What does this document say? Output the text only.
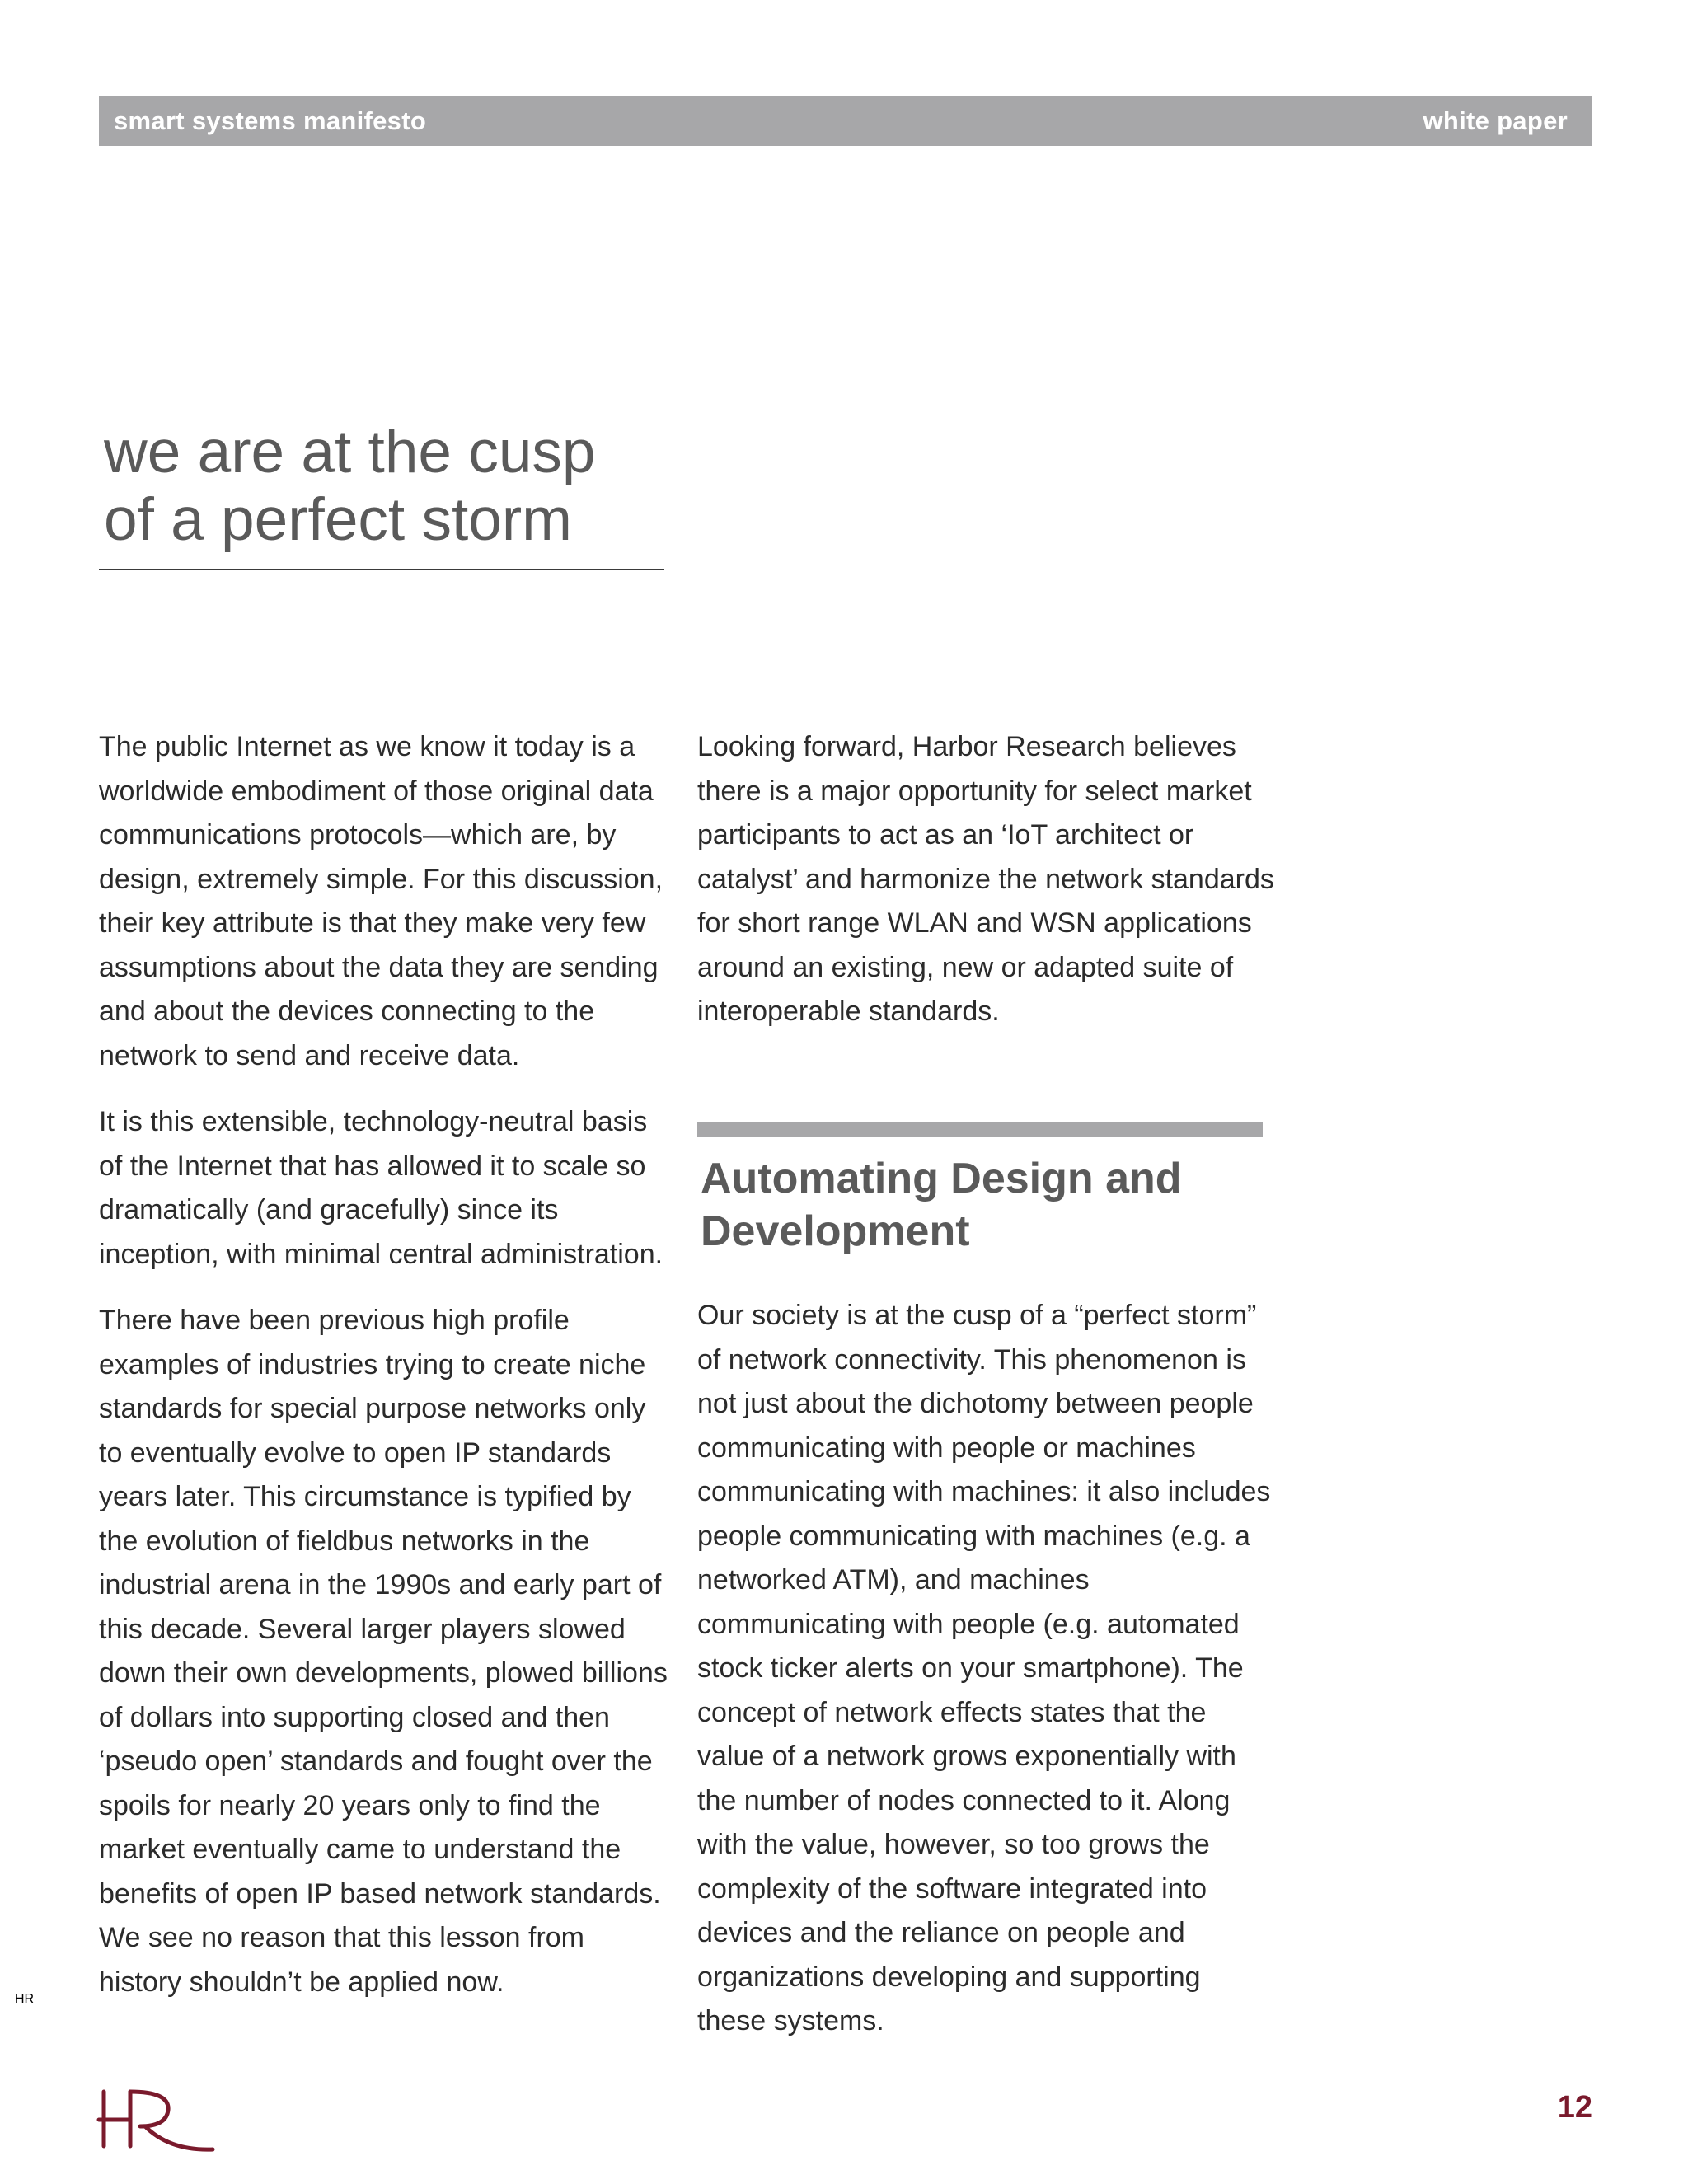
smart systems manifesto	white paper
we are at the cusp
of a perfect storm

The public Internet as we know it today is a worldwide embodiment of those original data communications protocols—which are, by design, extremely simple. For this discussion, their key attribute is that they make very few assumptions about the data they are sending and about the devices connecting to the network to send and receive data.

It is this extensible, technology-neutral basis of the Internet that has allowed it to scale so dramatically (and gracefully) since its inception, with minimal central administration.

There have been previous high profile examples of industries trying to create niche standards for special purpose networks only to eventually evolve to open IP standards years later. This circumstance is typified by the evolution of fieldbus networks in the industrial arena in the 1990s and early part of this decade. Several larger players slowed down their own developments, plowed billions of dollars into supporting closed and then ‘pseudo open’ standards and fought over the spoils for nearly 20 years only to find the market eventually came to understand the benefits of open IP based network standards. We see no reason that this lesson from history shouldn’t be applied now.

Looking forward, Harbor Research believes there is a major opportunity for select market participants to act as an ‘IoT architect or catalyst’ and harmonize the network standards for short range WLAN and WSN applications around an existing, new or adapted suite of interoperable standards.

Automating Design and Development

Our society is at the cusp of a “perfect storm” of network connectivity. This phenomenon is not just about the dichotomy between people communicating with people or machines communicating with machines: it also includes people communicating with machines (e.g. a networked ATM), and machines communicating with people (e.g. automated stock ticker alerts on your smartphone). The concept of network effects states that the value of a network grows exponentially with the number of nodes connected to it. Along with the value, however, so too grows the complexity of the software integrated into devices and the reliance on people and organizations developing and supporting these systems.

HR
12
